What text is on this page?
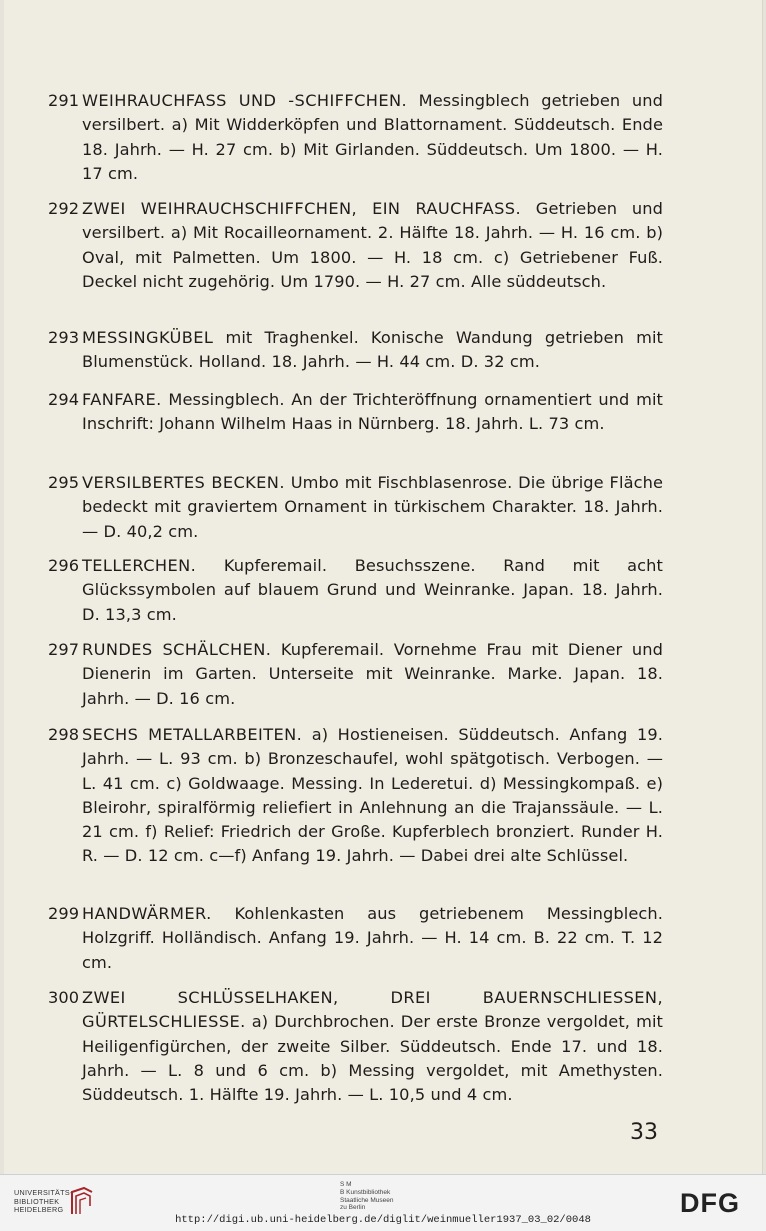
291 WEIHRAUCHFASS UND -SCHIFFCHEN. Messingblech getrieben und versilbert. a) Mit Widderköpfen und Blattornament. Süddeutsch. Ende 18. Jahrh. — H. 27 cm. b) Mit Girlanden. Süddeutsch. Um 1800. — H. 17 cm.
292 ZWEI WEIHRAUCHSCHIFFCHEN, EIN RAUCHFASS. Getrieben und versilbert. a) Mit Rocailleornament. 2. Hälfte 18. Jahrh. — H. 16 cm. b) Oval, mit Palmetten. Um 1800. — H. 18 cm. c) Getriebener Fuß. Deckel nicht zugehörig. Um 1790. — H. 27 cm. Alle süddeutsch.
293 MESSINGKÜBEL mit Traghenkel. Konische Wandung getrieben mit Blumenstück. Holland. 18. Jahrh. — H. 44 cm. D. 32 cm.
294 FANFARE. Messingblech. An der Trichteröffnung ornamentiert und mit Inschrift: Johann Wilhelm Haas in Nürnberg. 18. Jahrh. L. 73 cm.
295 VERSILBERTES BECKEN. Umbo mit Fischblasenrose. Die übrige Fläche bedeckt mit graviertem Ornament in türkischem Charakter. 18. Jahrh. — D. 40,2 cm.
296 TELLERCHEN. Kupferemail. Besuchsszene. Rand mit acht Glückssymbolen auf blauem Grund und Weinranke. Japan. 18. Jahrh. D. 13,3 cm.
297 RUNDES SCHÄLCHEN. Kupferemail. Vornehme Frau mit Diener und Dienerin im Garten. Unterseite mit Weinranke. Marke. Japan. 18. Jahrh. — D. 16 cm.
298 SECHS METALLARBEITEN. a) Hostieneisen. Süddeutsch. Anfang 19. Jahrh. — L. 93 cm. b) Bronzeschaufel, wohl spätgotisch. Verbogen. — L. 41 cm. c) Goldwaage. Messing. In Lederetui. d) Messingkompaß. e) Bleirohr, spiralförmig reliefiert in Anlehnung an die Trajanssäule. — L. 21 cm. f) Relief: Friedrich der Große. Kupferblech bronziert. Runder H. R. — D. 12 cm. c—f) Anfang 19. Jahrh. — Dabei drei alte Schlüssel.
299 HANDWÄRMER. Kohlenkasten aus getriebenem Messingblech. Holzgriff. Holländisch. Anfang 19. Jahrh. — H. 14 cm. B. 22 cm. T. 12 cm.
300 ZWEI SCHLÜSSELHAKEN, DREI BAUERNSCHLIESSEN, GÜRTELSCHLIESSE. a) Durchbrochen. Der erste Bronze vergoldet, mit Heiligenfigürchen, der zweite Silber. Süddeutsch. Ende 17. und 18. Jahrh. — L. 8 und 6 cm. b) Messing vergoldet, mit Amethysten. Süddeutsch. 1. Hälfte 19. Jahrh. — L. 10,5 und 4 cm.
33
UNIVERSITÄTS-
BIBLIOTHEK
HEIDELBERG
S M
B Kunstbibliothek
Staatliche Museen
zu Berlin	DFG
http://digi.ub.uni-heidelberg.de/diglit/weinmueller1937_03_02/0048
